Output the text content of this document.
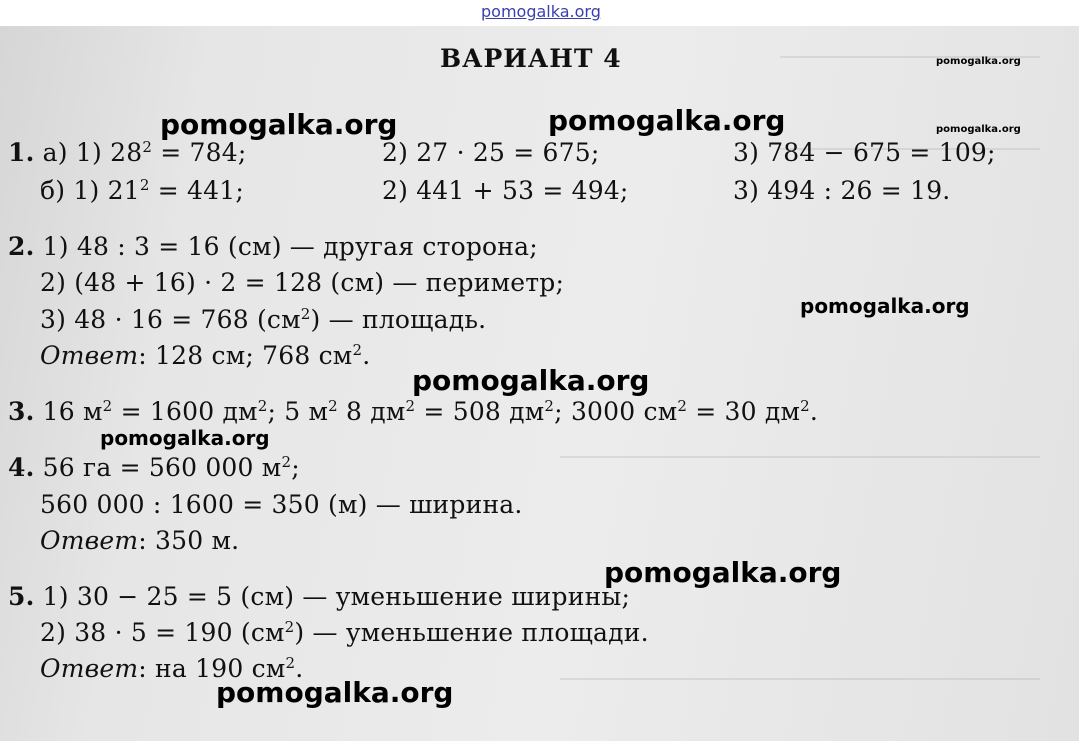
pomogalka.org
ВАРИАНТ 4
1. а) 1) $28^2 = 784$;	2) 27 · 25 = 675;	3) 784 − 675 = 109;
б) 1) $21^2 = 441$;	2) 441 + 53 = 494;	3) 494 : 26 = 19.
2. 1) 48 : 3 = 16 (см) — другая сторона;
2) (48 + 16) · 2 = 128 (см) — периметр;
3) 48 · 16 = 768 $(см^2)$ — площадь.
Ответ: 128 см; 768 $см^2$.
3. 16 $м^2 = 1600$ $дм^2$; 5 $м^2$ 8 $дм^2 = 508$ $дм^2$; 3000 $см^2 = 30$ $дм^2$.
4. 56 га = 560 000 $м^2$;
560 000 : 1600 = 350 (м) — ширина.
Ответ: 350 м.
5. 1) 30 − 25 = 5 (см) — уменьшение ширины;
2) 38 · 5 = 190 $(см^2)$ — уменьшение площади.
Ответ: на 190 $см^2$.
pomogalka.org	pomogalka.org
pomogalka.org
pomogalka.org
pomogalka.org
pomogalka.org
pomogalka.org
pomogalka.org
pomogalka.org
